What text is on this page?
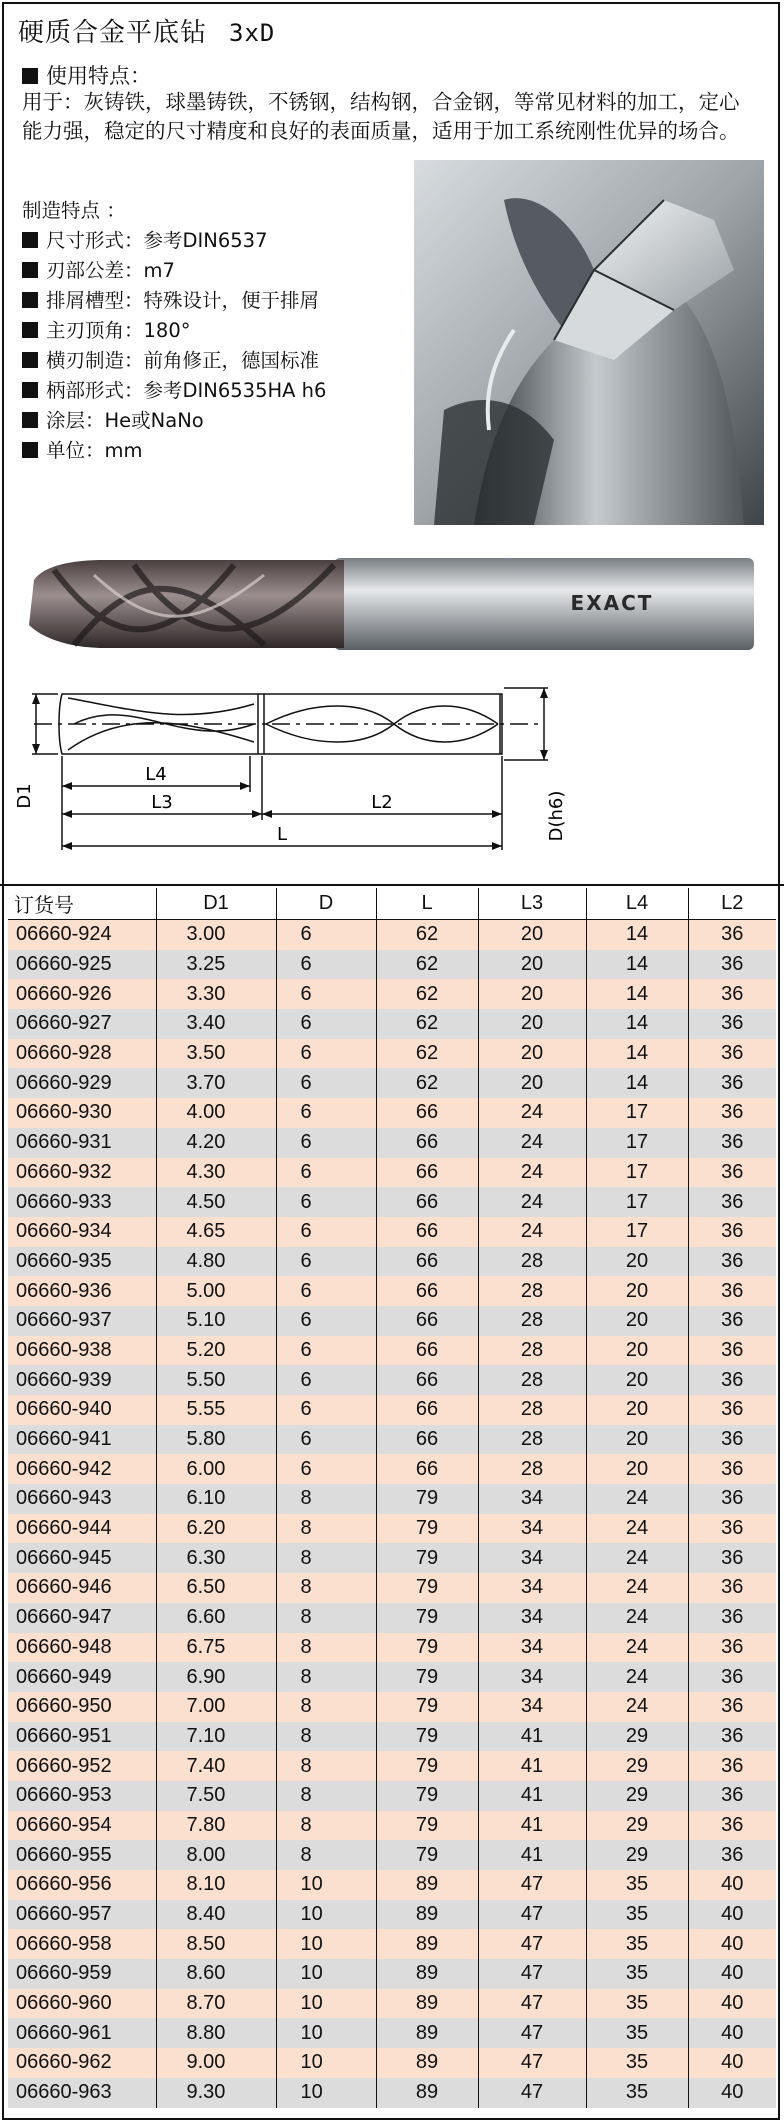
硬质合金平底钻 3xD
使用特点：
用于：灰铸铁，球墨铸铁，不锈钢，结构钢，合金钢，等常见材料的加工，定心能力强，稳定的尺寸精度和良好的表面质量，适用于加工系统刚性优异的场合。
制造特点 ：
尺寸形式：参考DIN6537
刃部公差：m7
排屑槽型：特殊设计，便于排屑
主刃顶角：180°
横刃制造：前角修正，德国标准
柄部形式：参考DIN6535HA h6
涂层：He或NaNo
单位：mm
EXACT
L4
L3	L2
L
D1	D(h6)
订货号	D1	D	L	L3	L4	L2
06660-924	3.00	6	62	20	14	36
06660-925	3.25	6	62	20	14	36
06660-926	3.30	6	62	20	14	36
06660-927	3.40	6	62	20	14	36
06660-928	3.50	6	62	20	14	36
06660-929	3.70	6	62	20	14	36
06660-930	4.00	6	66	24	17	36
06660-931	4.20	6	66	24	17	36
06660-932	4.30	6	66	24	17	36
06660-933	4.50	6	66	24	17	36
06660-934	4.65	6	66	24	17	36
06660-935	4.80	6	66	28	20	36
06660-936	5.00	6	66	28	20	36
06660-937	5.10	6	66	28	20	36
06660-938	5.20	6	66	28	20	36
06660-939	5.50	6	66	28	20	36
06660-940	5.55	6	66	28	20	36
06660-941	5.80	6	66	28	20	36
06660-942	6.00	6	66	28	20	36
06660-943	6.10	8	79	34	24	36
06660-944	6.20	8	79	34	24	36
06660-945	6.30	8	79	34	24	36
06660-946	6.50	8	79	34	24	36
06660-947	6.60	8	79	34	24	36
06660-948	6.75	8	79	34	24	36
06660-949	6.90	8	79	34	24	36
06660-950	7.00	8	79	34	24	36
06660-951	7.10	8	79	41	29	36
06660-952	7.40	8	79	41	29	36
06660-953	7.50	8	79	41	29	36
06660-954	7.80	8	79	41	29	36
06660-955	8.00	8	79	41	29	36
06660-956	8.10	10	89	47	35	40
06660-957	8.40	10	89	47	35	40
06660-958	8.50	10	89	47	35	40
06660-959	8.60	10	89	47	35	40
06660-960	8.70	10	89	47	35	40
06660-961	8.80	10	89	47	35	40
06660-962	9.00	10	89	47	35	40
06660-963	9.30	10	89	47	35	40
